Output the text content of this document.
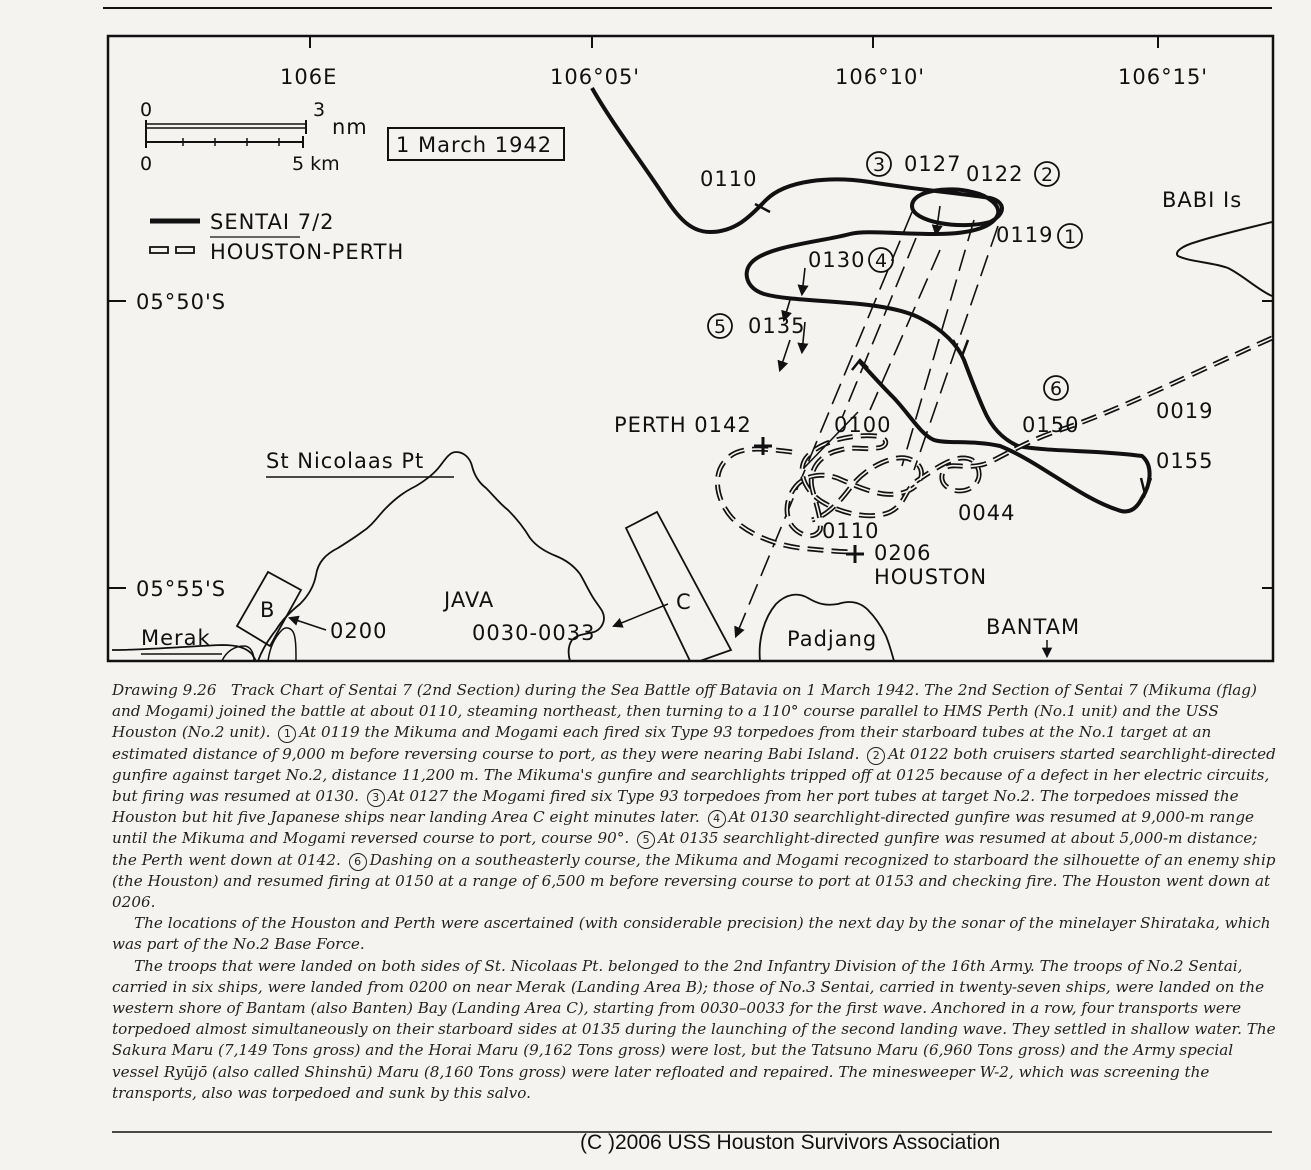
106E	106°05'	106°10'	106°15'
05°50'S
05°55'S
0	3
nm
0	5 km
1 March 1942
SENTAI 7/2
HOUSTON-PERTH
BABI Is
B	C
St Nicolaas Pt
JAVA
Merak	Padjang	BANTAM
0200	0030-0033
0110
0127 0122
0119
0130
0135
0150
0019
0155
0100
0044
0110
0206
PERTH 0142
HOUSTON
1
2
3
4
5
6

Drawing 9.26 Track Chart of Sentai 7 (2nd Section) during the Sea Battle off Batavia on 1 March 1942. The 2nd Section of Sentai 7 (Mikuma (flag) and Mogami) joined the battle at about 0110, steaming northeast, then turning to a 110° course parallel to HMS Perth (No.1 unit) and the USS Houston (No.2 unit). 1 At 0119 the Mikuma and Mogami each fired six Type 93 torpedoes from their starboard tubes at the No.1 target at an estimated distance of 9,000 m before reversing course to port, as they were nearing Babi Island. 2 At 0122 both cruisers started searchlight-directed gunfire against target No.2, distance 11,200 m. The Mikuma's gunfire and searchlights tripped off at 0125 because of a defect in her electric circuits, but firing was resumed at 0130. 3 At 0127 the Mogami fired six Type 93 torpedoes from her port tubes at target No.2. The torpedoes missed the Houston but hit five Japanese ships near landing Area C eight minutes later. 4 At 0130 searchlight-directed gunfire was resumed at 9,000-m range until the Mikuma and Mogami reversed course to port, course 90°. 5 At 0135 searchlight-directed gunfire was resumed at about 5,000-m distance; the Perth went down at 0142. 6 Dashing on a southeasterly course, the Mikuma and Mogami recognized to starboard the silhouette of an enemy ship (the Houston) and resumed firing at 0150 at a range of 6,500 m before reversing course to port at 0153 and checking fire. The Houston went down at 0206.

The locations of the Houston and Perth were ascertained (with considerable precision) the next day by the sonar of the minelayer Shirataka, which was part of the No.2 Base Force.

The troops that were landed on both sides of St. Nicolaas Pt. belonged to the 2nd Infantry Division of the 16th Army. The troops of No.2 Sentai, carried in six ships, were landed from 0200 on near Merak (Landing Area B); those of No.3 Sentai, carried in twenty-seven ships, were landed on the western shore of Bantam (also Banten) Bay (Landing Area C), starting from 0030–0033 for the first wave. Anchored in a row, four transports were torpedoed almost simultaneously on their starboard sides at 0135 during the launching of the second landing wave. They settled in shallow water. The Sakura Maru (7,149 Tons gross) and the Horai Maru (9,162 Tons gross) were lost, but the Tatsuno Maru (6,960 Tons gross) and the Army special vessel Ryūjō (also called Shinshū) Maru (8,160 Tons gross) were later refloated and repaired. The minesweeper W-2, which was screening the transports, also was torpedoed and sunk by this salvo.

(C )2006 USS Houston Survivors Association
